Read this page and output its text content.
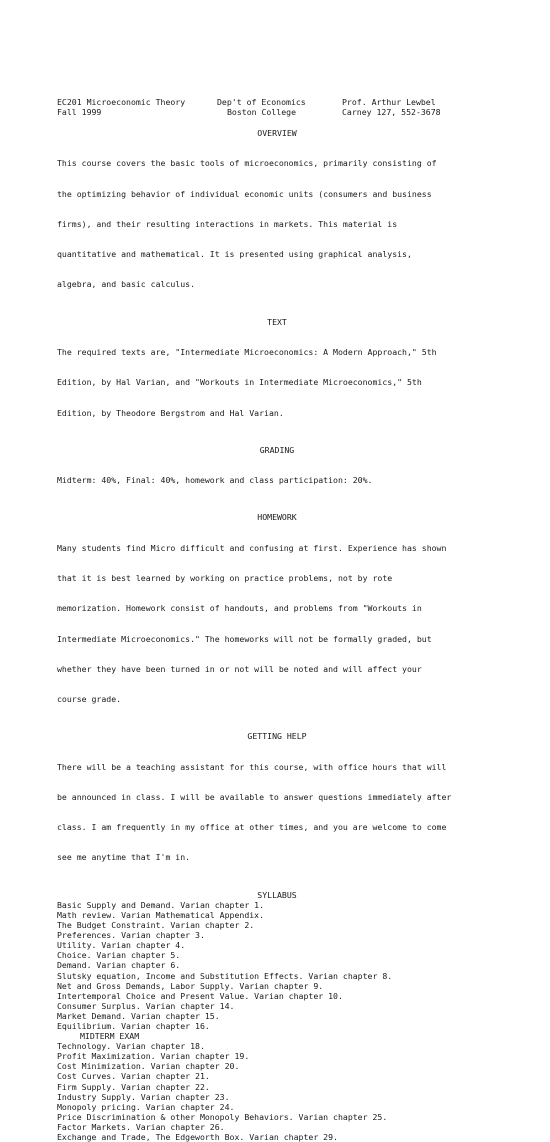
EC201 Microeconomic Theory	Dep't of Economics	Prof. Arthur Lewbel
Fall 1999	Boston College	Carney 127, 552-3678
OVERVIEW

This course covers the basic tools of microeconomics, primarily consisting of

the optimizing behavior of individual economic units (consumers and business

firms), and their resulting interactions in markets. This material is

quantitative and mathematical. It is presented using graphical analysis,

algebra, and basic calculus.

TEXT

The required texts are, "Intermediate Microeconomics: A Modern Approach," 5th

Edition, by Hal Varian, and "Workouts in Intermediate Microeconomics," 5th

Edition, by Theodore Bergstrom and Hal Varian.

GRADING

Midterm: 40%, Final: 40%, homework and class participation: 20%.

HOMEWORK

Many students find Micro difficult and confusing at first. Experience has shown

that it is best learned by working on practice problems, not by rote

memorization. Homework consist of handouts, and problems from "Workouts in

Intermediate Microeconomics." The homeworks will not be formally graded, but

whether they have been turned in or not will be noted and will affect your

course grade.

GETTING HELP

There will be a teaching assistant for this course, with office hours that will

be announced in class. I will be available to answer questions immediately after

class. I am frequently in my office at other times, and you are welcome to come

see me anytime that I'm in.

SYLLABUS
Basic Supply and Demand. Varian chapter 1.
Math review. Varian Mathematical Appendix.
The Budget Constraint. Varian chapter 2.
Preferences. Varian chapter 3.
Utility. Varian chapter 4.
Choice. Varian chapter 5.
Demand. Varian chapter 6.
Slutsky equation, Income and Substitution Effects. Varian chapter 8.
Net and Gross Demands, Labor Supply. Varian chapter 9.
Intertemporal Choice and Present Value. Varian chapter 10.
Consumer Surplus. Varian chapter 14.
Market Demand. Varian chapter 15.
Equilibrium. Varian chapter 16.
MIDTERM EXAM
Technology. Varian chapter 18.
Profit Maximization. Varian chapter 19.
Cost Minimization. Varian chapter 20.
Cost Curves. Varian chapter 21.
Firm Supply. Varian chapter 22.
Industry Supply. Varian chapter 23.
Monopoly pricing. Varian chapter 24.
Price Discrimination & other Monopoly Behaviors. Varian chapter 25.
Factor Markets. Varian chapter 26.
Exchange and Trade, The Edgeworth Box. Varian chapter 29.
